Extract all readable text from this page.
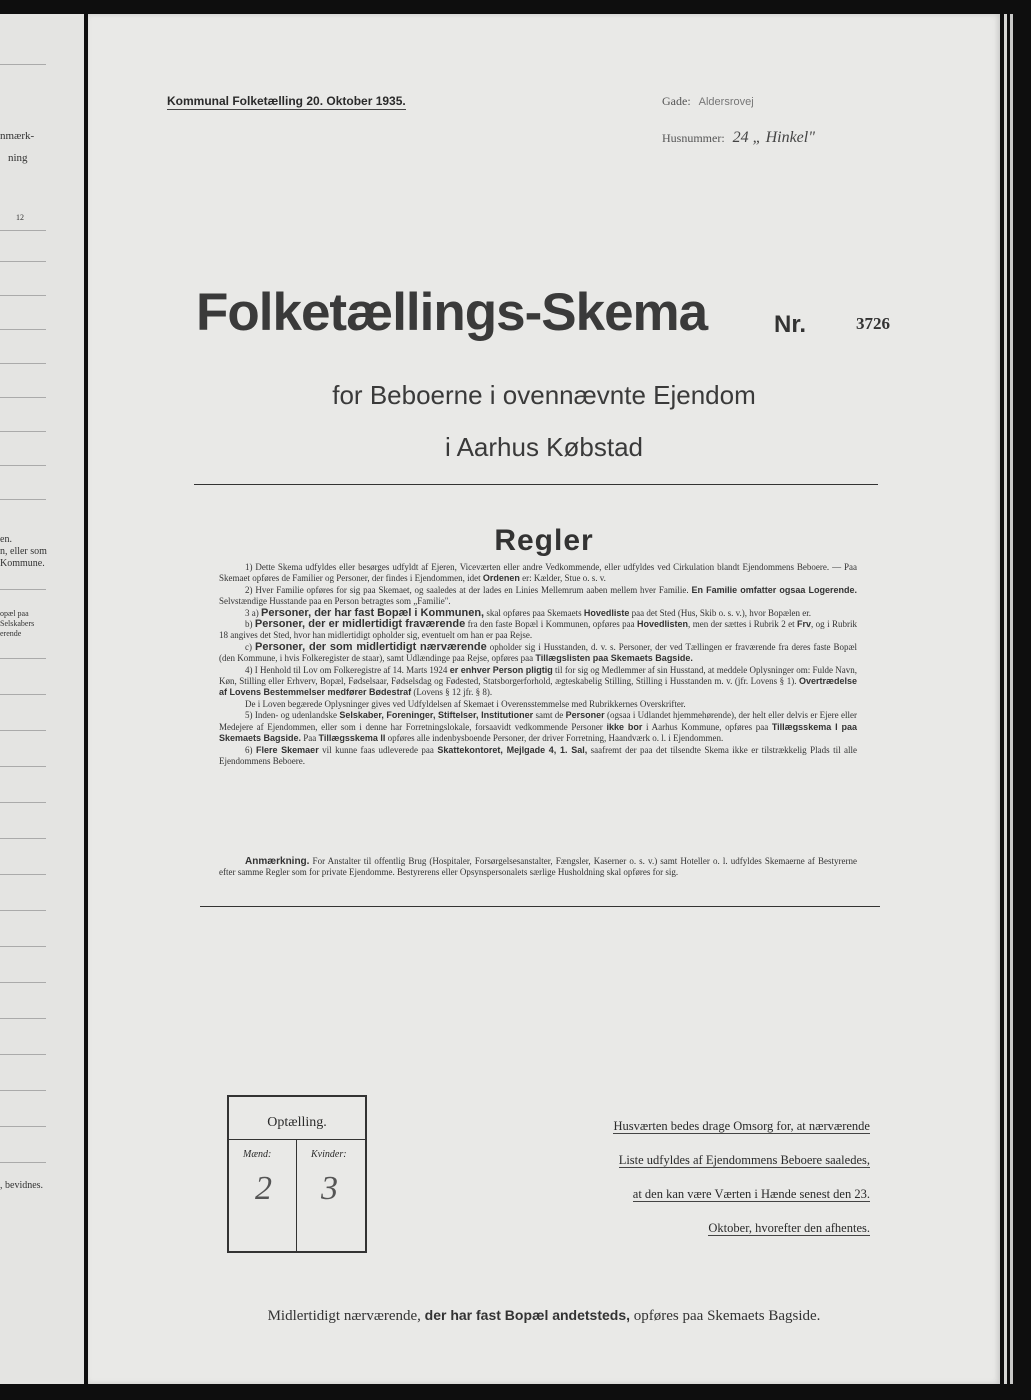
nmærk-
ning
12
en.
n, eller som
Kommune.
opæl paa
Selskabers
erende
, bevidnes.
Kommunal Folketælling 20. Oktober 1935.	Gade: Aldersrovej
Husnummer: 24 „ Hinkel"
Folketællings-Skema	Nr.	3726
for Beboerne i ovennævnte Ejendom
i Aarhus Købstad
Regler

1) Dette Skema udfyldes eller besørges udfyldt af Ejeren, Viceværten eller andre Vedkommende, eller udfyldes ved Cirkulation blandt Ejendommens Beboere. — Paa Skemaet opføres de Familier og Personer, der findes i Ejendommen, idet Ordenen er: Kælder, Stue o. s. v.

2) Hver Familie opføres for sig paa Skemaet, og saaledes at der lades en Linies Mellemrum aaben mellem hver Familie. En Familie omfatter ogsaa Logerende. Selvstændige Husstande paa en Person betragtes som „Familie".

3 a) Personer, der har fast Bopæl i Kommunen, skal opføres paa Skemaets Hovedliste paa det Sted (Hus, Skib o. s. v.), hvor Bopælen er.

b) Personer, der er midlertidigt fraværende fra den faste Bopæl i Kommunen, opføres paa Hovedlisten, men der sættes i Rubrik 2 et Frv, og i Rubrik 18 angives det Sted, hvor han midlertidigt opholder sig, eventuelt om han er paa Rejse.

c) Personer, der som midlertidigt nærværende opholder sig i Husstanden, d. v. s. Personer, der ved Tællingen er fraværende fra deres faste Bopæl (den Kommune, i hvis Folkeregister de staar), samt Udlændinge paa Rejse, opføres paa Tillægslisten paa Skemaets Bagside.

4) I Henhold til Lov om Folkeregistre af 14. Marts 1924 er enhver Person pligtig til for sig og Medlemmer af sin Husstand, at meddele Oplysninger om: Fulde Navn, Køn, Stilling eller Erhverv, Bopæl, Fødselsaar, Fødselsdag og Fødested, Statsborgerforhold, ægteskabelig Stilling, Stilling i Husstanden m. v. (jfr. Lovens § 1). Overtrædelse af Lovens Bestemmelser medfører Bødestraf (Lovens § 12 jfr. § 8).

De i Loven begærede Oplysninger gives ved Udfyldelsen af Skemaet i Overensstemmelse med Rubrikkernes Overskrifter.

5) Inden- og udenlandske Selskaber, Foreninger, Stiftelser, Institutioner samt de Personer (ogsaa i Udlandet hjemmehørende), der helt eller delvis er Ejere eller Medejere af Ejendommen, eller som i denne har Forretningslokale, forsaavidt vedkommende Personer ikke bor i Aarhus Kommune, opføres paa Tillægsskema I paa Skemaets Bagside. Paa Tillægsskema II opføres alle indenbysboende Personer, der driver Forretning, Haandværk o. l. i Ejendommen.

6) Flere Skemaer vil kunne faas udleverede paa Skattekontoret, Mejlgade 4, 1. Sal, saafremt der paa det tilsendte Skema ikke er tilstrækkelig Plads til alle Ejendommens Beboere.

Anmærkning. For Anstalter til offentlig Brug (Hospitaler, Forsørgelsesanstalter, Fængsler, Kaserner o. s. v.) samt Hoteller o. l. udfyldes Skemaerne af Bestyrerne efter samme Regler som for private Ejendomme. Bestyrerens eller Opsynspersonalets særlige Husholdning skal opføres for sig.

Optælling.
Mænd:	Kvinder:
2 3
Husværten bedes drage Omsorg for, at nærværende
Liste udfyldes af Ejendommens Beboere saaledes,
at den kan være Værten i Hænde senest den 23.
Oktober, hvorefter den afhentes.
Midlertidigt nærværende, der har fast Bopæl andetsteds, opføres paa Skemaets Bagside.
